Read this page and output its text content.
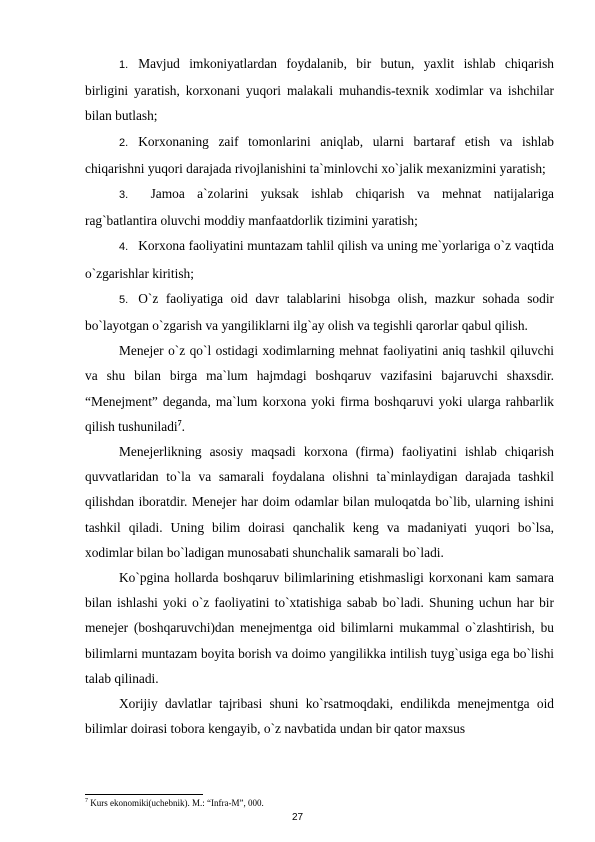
1. Mavjud imkoniyatlardan foydalanib, bir butun, yaxlit ishlab chiqarish birligini yaratish, korxonani yuqori malakali muhandis-texnik xodimlar va ishchilar bilan butlash;

2. Korxonaning zaif tomonlarini aniqlab, ularni bartaraf etish va ishlab chiqarishni yuqori darajada rivojlanishini ta`minlovchi xo`jalik mexanizmini yaratish;

3. Jamoa a`zolarini yuksak ishlab chiqarish va mehnat natijalariga rag`batlantira oluvchi moddiy manfaatdorlik tizimini yaratish;

4. Korxona faoliyatini muntazam tahlil qilish va uning me`yorlariga o`z vaqtida o`zgarishlar kiritish;

5. O`z faoliyatiga oid davr talablarini hisobga olish, mazkur sohada sodir bo`layotgan o`zgarish va yangiliklarni ilg`ay olish va tegishli qarorlar qabul qilish.

Menejer o`z qo`l ostidagi xodimlarning mehnat faoliyatini aniq tashkil qiluvchi va shu bilan birga ma`lum hajmdagi boshqaruv vazifasini bajaruvchi shaxsdir. “Menejment” deganda, ma`lum korxona yoki firma boshqaruvi yoki ularga rahbarlik qilish tushuniladi$^7$.

Menejerlikning asosiy maqsadi korxona (firma) faoliyatini ishlab chiqarish quvvatlaridan to`la va samarali foydalana olishni ta`minlaydigan darajada tashkil qilishdan iboratdir. Menejer har doim odamlar bilan muloqatda bo`lib, ularning ishini tashkil qiladi. Uning bilim doirasi qanchalik keng va madaniyati yuqori bo`lsa, xodimlar bilan bo`ladigan munosabati shunchalik samarali bo`ladi.

Ko`pgina hollarda boshqaruv bilimlarining etishmasligi korxonani kam samara bilan ishlashi yoki o`z faoliyatini to`xtatishiga sabab bo`ladi. Shuning uchun har bir menejer (boshqaruvchi)dan menejmentga oid bilimlarni mukammal o`zlashtirish, bu bilimlarni muntazam boyita borish va doimo yangilikka intilish tuyg`usiga ega bo`lishi talab qilinadi.

Xorijiy davlatlar tajribasi shuni ko`rsatmoqdaki, endilikda menejmentga oid bilimlar doirasi tobora kengayib, o`z navbatida undan bir qator maxsus

$^7$ Kurs ekonomiki(uchebnik). M.: “Infra-M”, 000.
27
